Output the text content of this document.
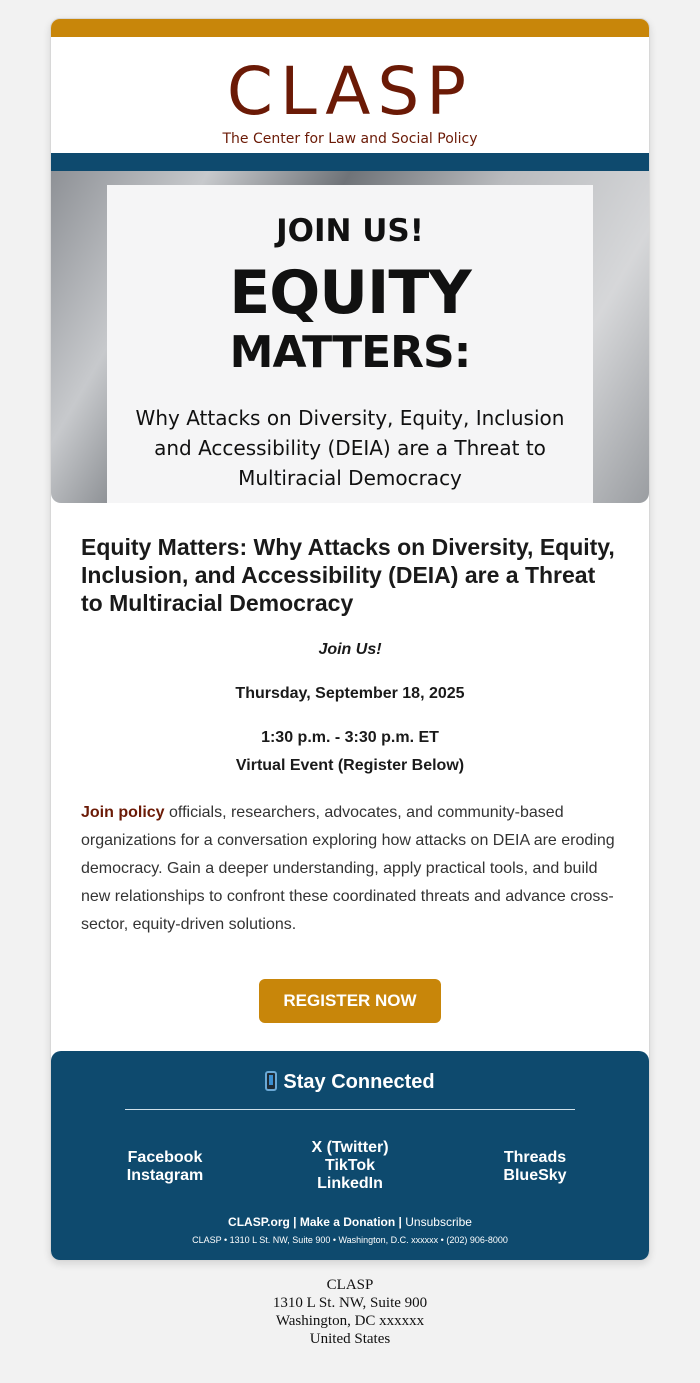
CLASP
The Center for Law and Social Policy
JOIN US!
EQUITY
MATTERS:
Why Attacks on Diversity, Equity, Inclusion and Accessibility (DEIA) are a Threat to Multiracial Democracy
Equity Matters: Why Attacks on Diversity, Equity, Inclusion, and Accessibility (DEIA) are a Threat to Multiracial Democracy
Join Us!
Thursday, September 18, 2025
1:30 p.m. - 3:30 p.m. ET
Virtual Event (Register Below)
Join policy officials, researchers, advocates, and community-based organizations for a conversation exploring how attacks on DEIA are eroding democracy. Gain a deeper understanding, apply practical tools, and build new relationships to confront these coordinated threats and advance cross-sector, equity-driven solutions.
REGISTER NOW
Stay Connected
Facebook
Instagram
X (Twitter)
TikTok
LinkedIn
Threads
BlueSky
CLASP.org | Make a Donation | Unsubscribe
CLASP • 1310 L St. NW, Suite 900 • Washington, D.C. xxxxxx • (202) 906-8000
CLASP
1310 L St. NW, Suite 900
Washington, DC xxxxxx
United States
